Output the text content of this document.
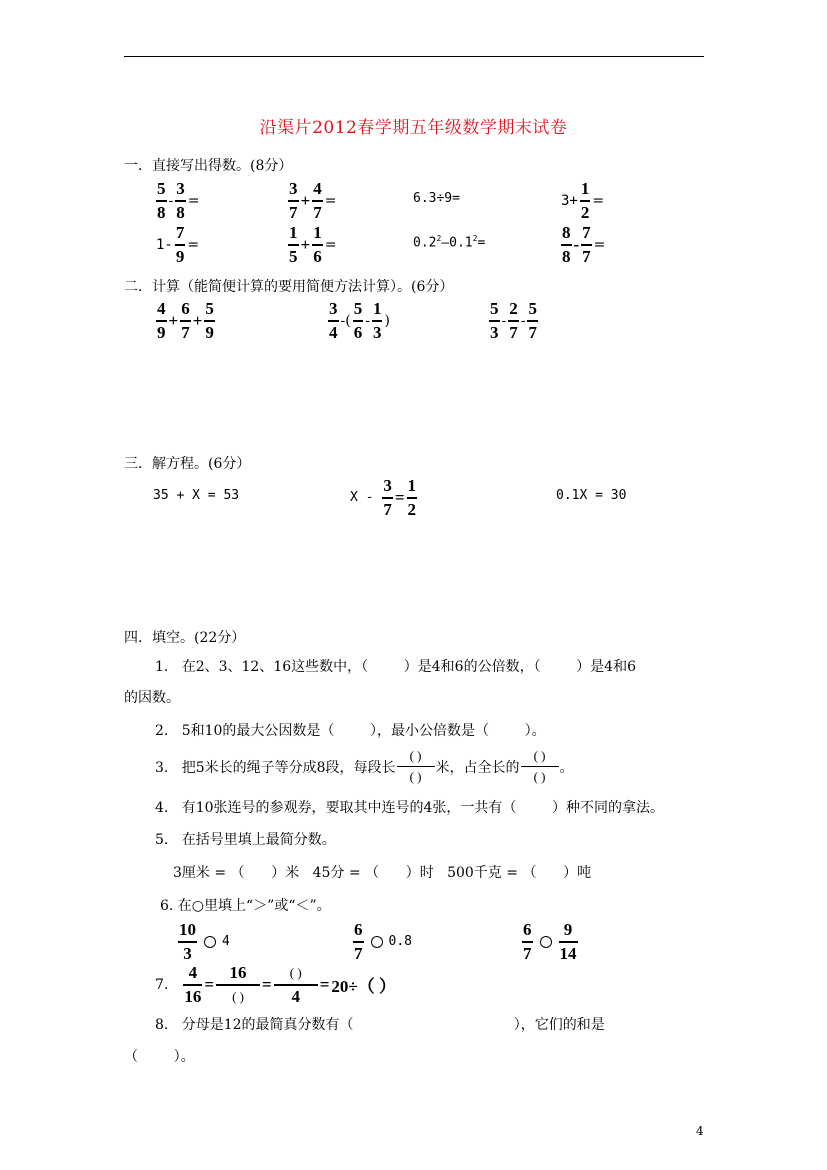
沿渠片2012春学期五年级数学期末试卷
一．直接写出得数。(8分）
$\frac{5}{8} - \frac{3}{8}$ =	$\frac{3}{7} + \frac{4}{7}$ =	6.3÷9=	$3+ \frac{1}{2}$ =
$1- \frac{7}{9}$ =	$\frac{1}{5} + \frac{1}{6}$ =	$0.2^2—0.1^2=$	$\frac{8}{8} - \frac{7}{7}$ =
二．计算（能简便计算的要用简便方法计算）。(6分）
$\frac{4}{9} + \frac{6}{7} + \frac{5}{9}$	$\frac{3}{4}$ -( $\frac{5}{6} - \frac{1}{3}$ )	$\frac{5}{3} - \frac{2}{7} - \frac{5}{7}$
三．解方程。(6分）
35 + X = 53	$X - \frac{3}{7} = \frac{1}{2}$	0.1X = 30
四．填空。(22分）
1.   在2、3、12、16这些数中，（        ）是4和6的公倍数，（        ）是4和6
的因数。
2.   5和10的最大公因数是（        ），最小公倍数是（        ）。
3.   把5米长的绳子等分成8段，每段长 $\frac{( )}{( )}$ 米，占全长的 $\frac{( )}{( )}$ 。
4.   有10张连号的参观券，要取其中连号的4张，一共有（        ）种不同的拿法。
5.   在括号里填上最简分数。
3厘米 = （      ）米   45分 = （      ）时   500千克 = （      ）吨
6. 在○里填上“＞”或“＜”。
$\frac{10}{3} 4$	$\frac{6}{7} 0.8$	$\frac{6}{7} \frac{9}{14}$
7. $\frac{4}{16} = \frac{16}{( )} = \frac{( )}{4} = 20\div$（ ）
8.   分母是12的最简真分数有（                                    ），它们的和是
（        ）。
4
